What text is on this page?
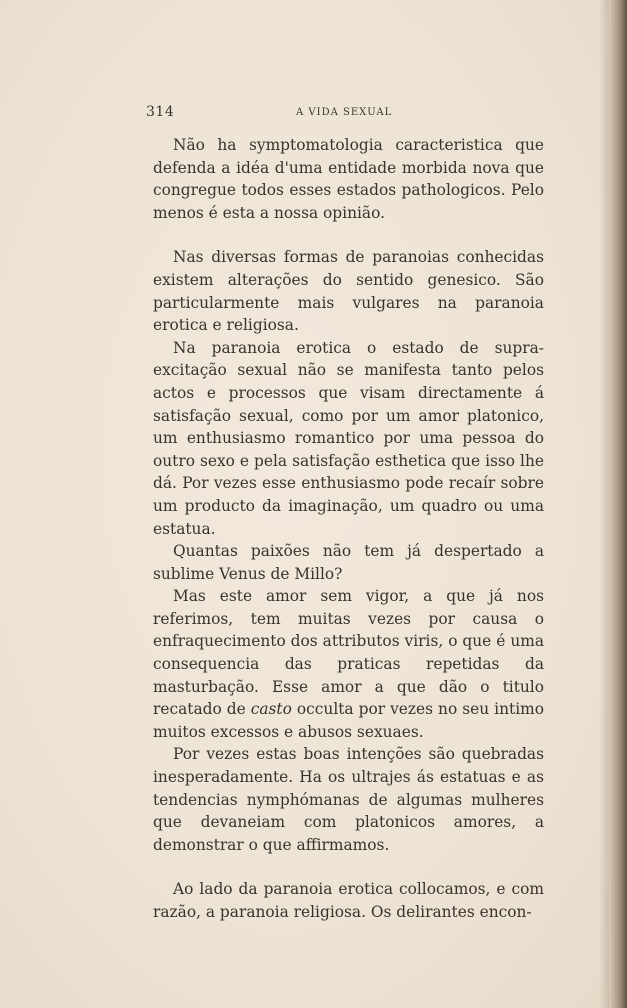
314	A VIDA SEXUAL

Não ha symptomatologia caracteristica que defenda a idéa d'uma entidade morbida nova que congregue todos esses estados pathologicos. Pelo menos é esta a nossa opinião.

Nas diversas formas de paranoias conhecidas existem alterações do sentido genesico. São particularmente mais vulgares na paranoia erotica e religiosa.

Na paranoia erotica o estado de supra-excitação sexual não se manifesta tanto pelos actos e processos que visam directamente á satisfação sexual, como por um amor platonico, um enthusiasmo romantico por uma pessoa do outro sexo e pela satisfação esthetica que isso lhe dá. Por vezes esse enthusiasmo pode recaír sobre um producto da imaginação, um quadro ou uma estatua.

Quantas paixões não tem já despertado a sublime Venus de Millo?

Mas este amor sem vigor, a que já nos referimos, tem muitas vezes por causa o enfraquecimento dos attributos viris, o que é uma consequencia das praticas repetidas da masturbação. Esse amor a que dão o titulo recatado de casto occulta por vezes no seu intimo muitos excessos e abusos sexuaes.

Por vezes estas boas intenções são quebradas inesperadamente. Ha os ultrajes ás estatuas e as tendencias nymphómanas de algumas mulheres que devaneiam com platonicos amores, a demonstrar o que affirmamos.

Ao lado da paranoia erotica collocamos, e com razão, a paranoia religiosa. Os delirantes encon-
